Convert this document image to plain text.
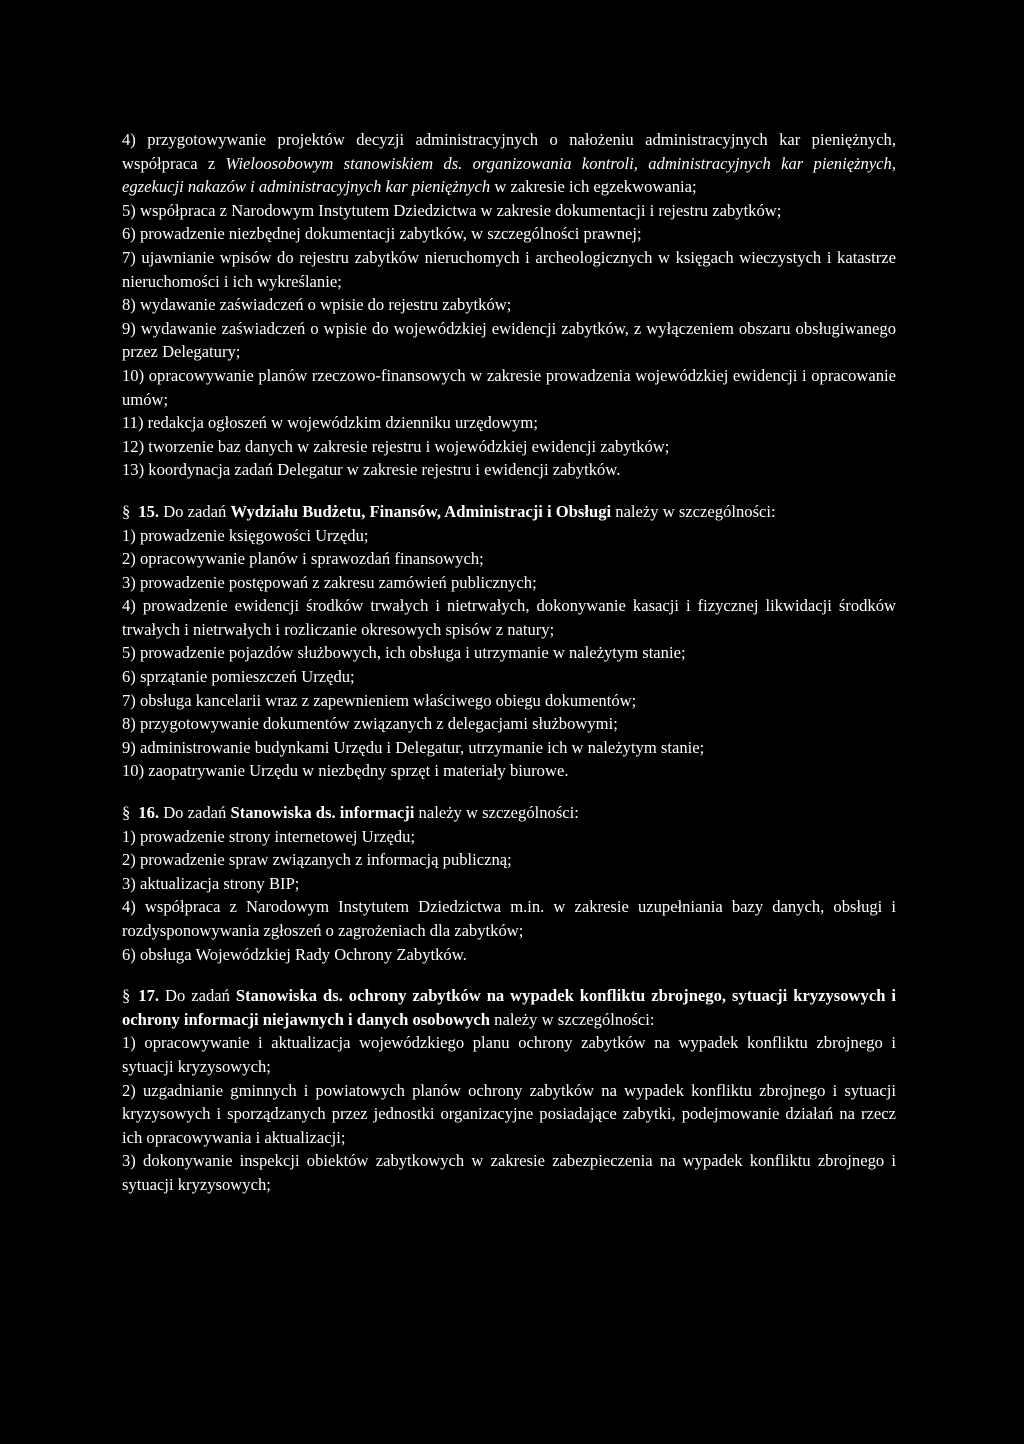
4) przygotowywanie projektów decyzji administracyjnych o nałożeniu administracyjnych kar pieniężnych, współpraca z Wieloosobowym stanowiskiem ds. organizowania kontroli, administracyjnych kar pieniężnych, egzekucji nakazów i administracyjnych kar pieniężnych w zakresie ich egzekwowania;

5) współpraca z Narodowym Instytutem Dziedzictwa w zakresie dokumentacji i rejestru zabytków;

6) prowadzenie niezbędnej dokumentacji zabytków, w szczególności prawnej;

7) ujawnianie wpisów do rejestru zabytków nieruchomych i archeologicznych w księgach wieczystych i katastrze nieruchomości i ich wykreślanie;

8) wydawanie zaświadczeń o wpisie do rejestru zabytków;

9) wydawanie zaświadczeń o wpisie do wojewódzkiej ewidencji zabytków, z wyłączeniem obszaru obsługiwanego przez Delegatury;

10) opracowywanie planów rzeczowo-finansowych w zakresie prowadzenia wojewódzkiej ewidencji i opracowanie umów;

11) redakcja ogłoszeń w wojewódzkim dzienniku urzędowym;

12) tworzenie baz danych w zakresie rejestru i wojewódzkiej ewidencji zabytków;

13) koordynacja zadań Delegatur w zakresie rejestru i ewidencji zabytków.

§ 15. Do zadań Wydziału Budżetu, Finansów, Administracji i Obsługi należy w szczególności:

1) prowadzenie księgowości Urzędu;

2) opracowywanie planów i sprawozdań finansowych;

3) prowadzenie postępowań z zakresu zamówień publicznych;

4) prowadzenie ewidencji środków trwałych i nietrwałych, dokonywanie kasacji i fizycznej likwidacji środków trwałych i nietrwałych i rozliczanie okresowych spisów z natury;

5) prowadzenie pojazdów służbowych, ich obsługa i utrzymanie w należytym stanie;

6) sprzątanie pomieszczeń Urzędu;

7) obsługa kancelarii wraz z zapewnieniem właściwego obiegu dokumentów;

8) przygotowywanie dokumentów związanych z delegacjami służbowymi;

9) administrowanie budynkami Urzędu i Delegatur, utrzymanie ich w należytym stanie;

10) zaopatrywanie Urzędu w niezbędny sprzęt i materiały biurowe.

§ 16. Do zadań Stanowiska ds. informacji należy w szczególności:

1) prowadzenie strony internetowej Urzędu;

2) prowadzenie spraw związanych z informacją publiczną;

3) aktualizacja strony BIP;

4) współpraca z Narodowym Instytutem Dziedzictwa m.in. w zakresie uzupełniania bazy danych, obsługi i rozdysponowywania zgłoszeń o zagrożeniach dla zabytków;

6) obsługa Wojewódzkiej Rady Ochrony Zabytków.

§ 17. Do zadań Stanowiska ds. ochrony zabytków na wypadek konfliktu zbrojnego, sytuacji kryzysowych i ochrony informacji niejawnych i danych osobowych należy w szczególności:

1) opracowywanie i aktualizacja wojewódzkiego planu ochrony zabytków na wypadek konfliktu zbrojnego i sytuacji kryzysowych;

2) uzgadnianie gminnych i powiatowych planów ochrony zabytków na wypadek konfliktu zbrojnego i sytuacji kryzysowych i sporządzanych przez jednostki organizacyjne posiadające zabytki, podejmowanie działań na rzecz ich opracowywania i aktualizacji;

3) dokonywanie inspekcji obiektów zabytkowych w zakresie zabezpieczenia na wypadek konfliktu zbrojnego i sytuacji kryzysowych;
